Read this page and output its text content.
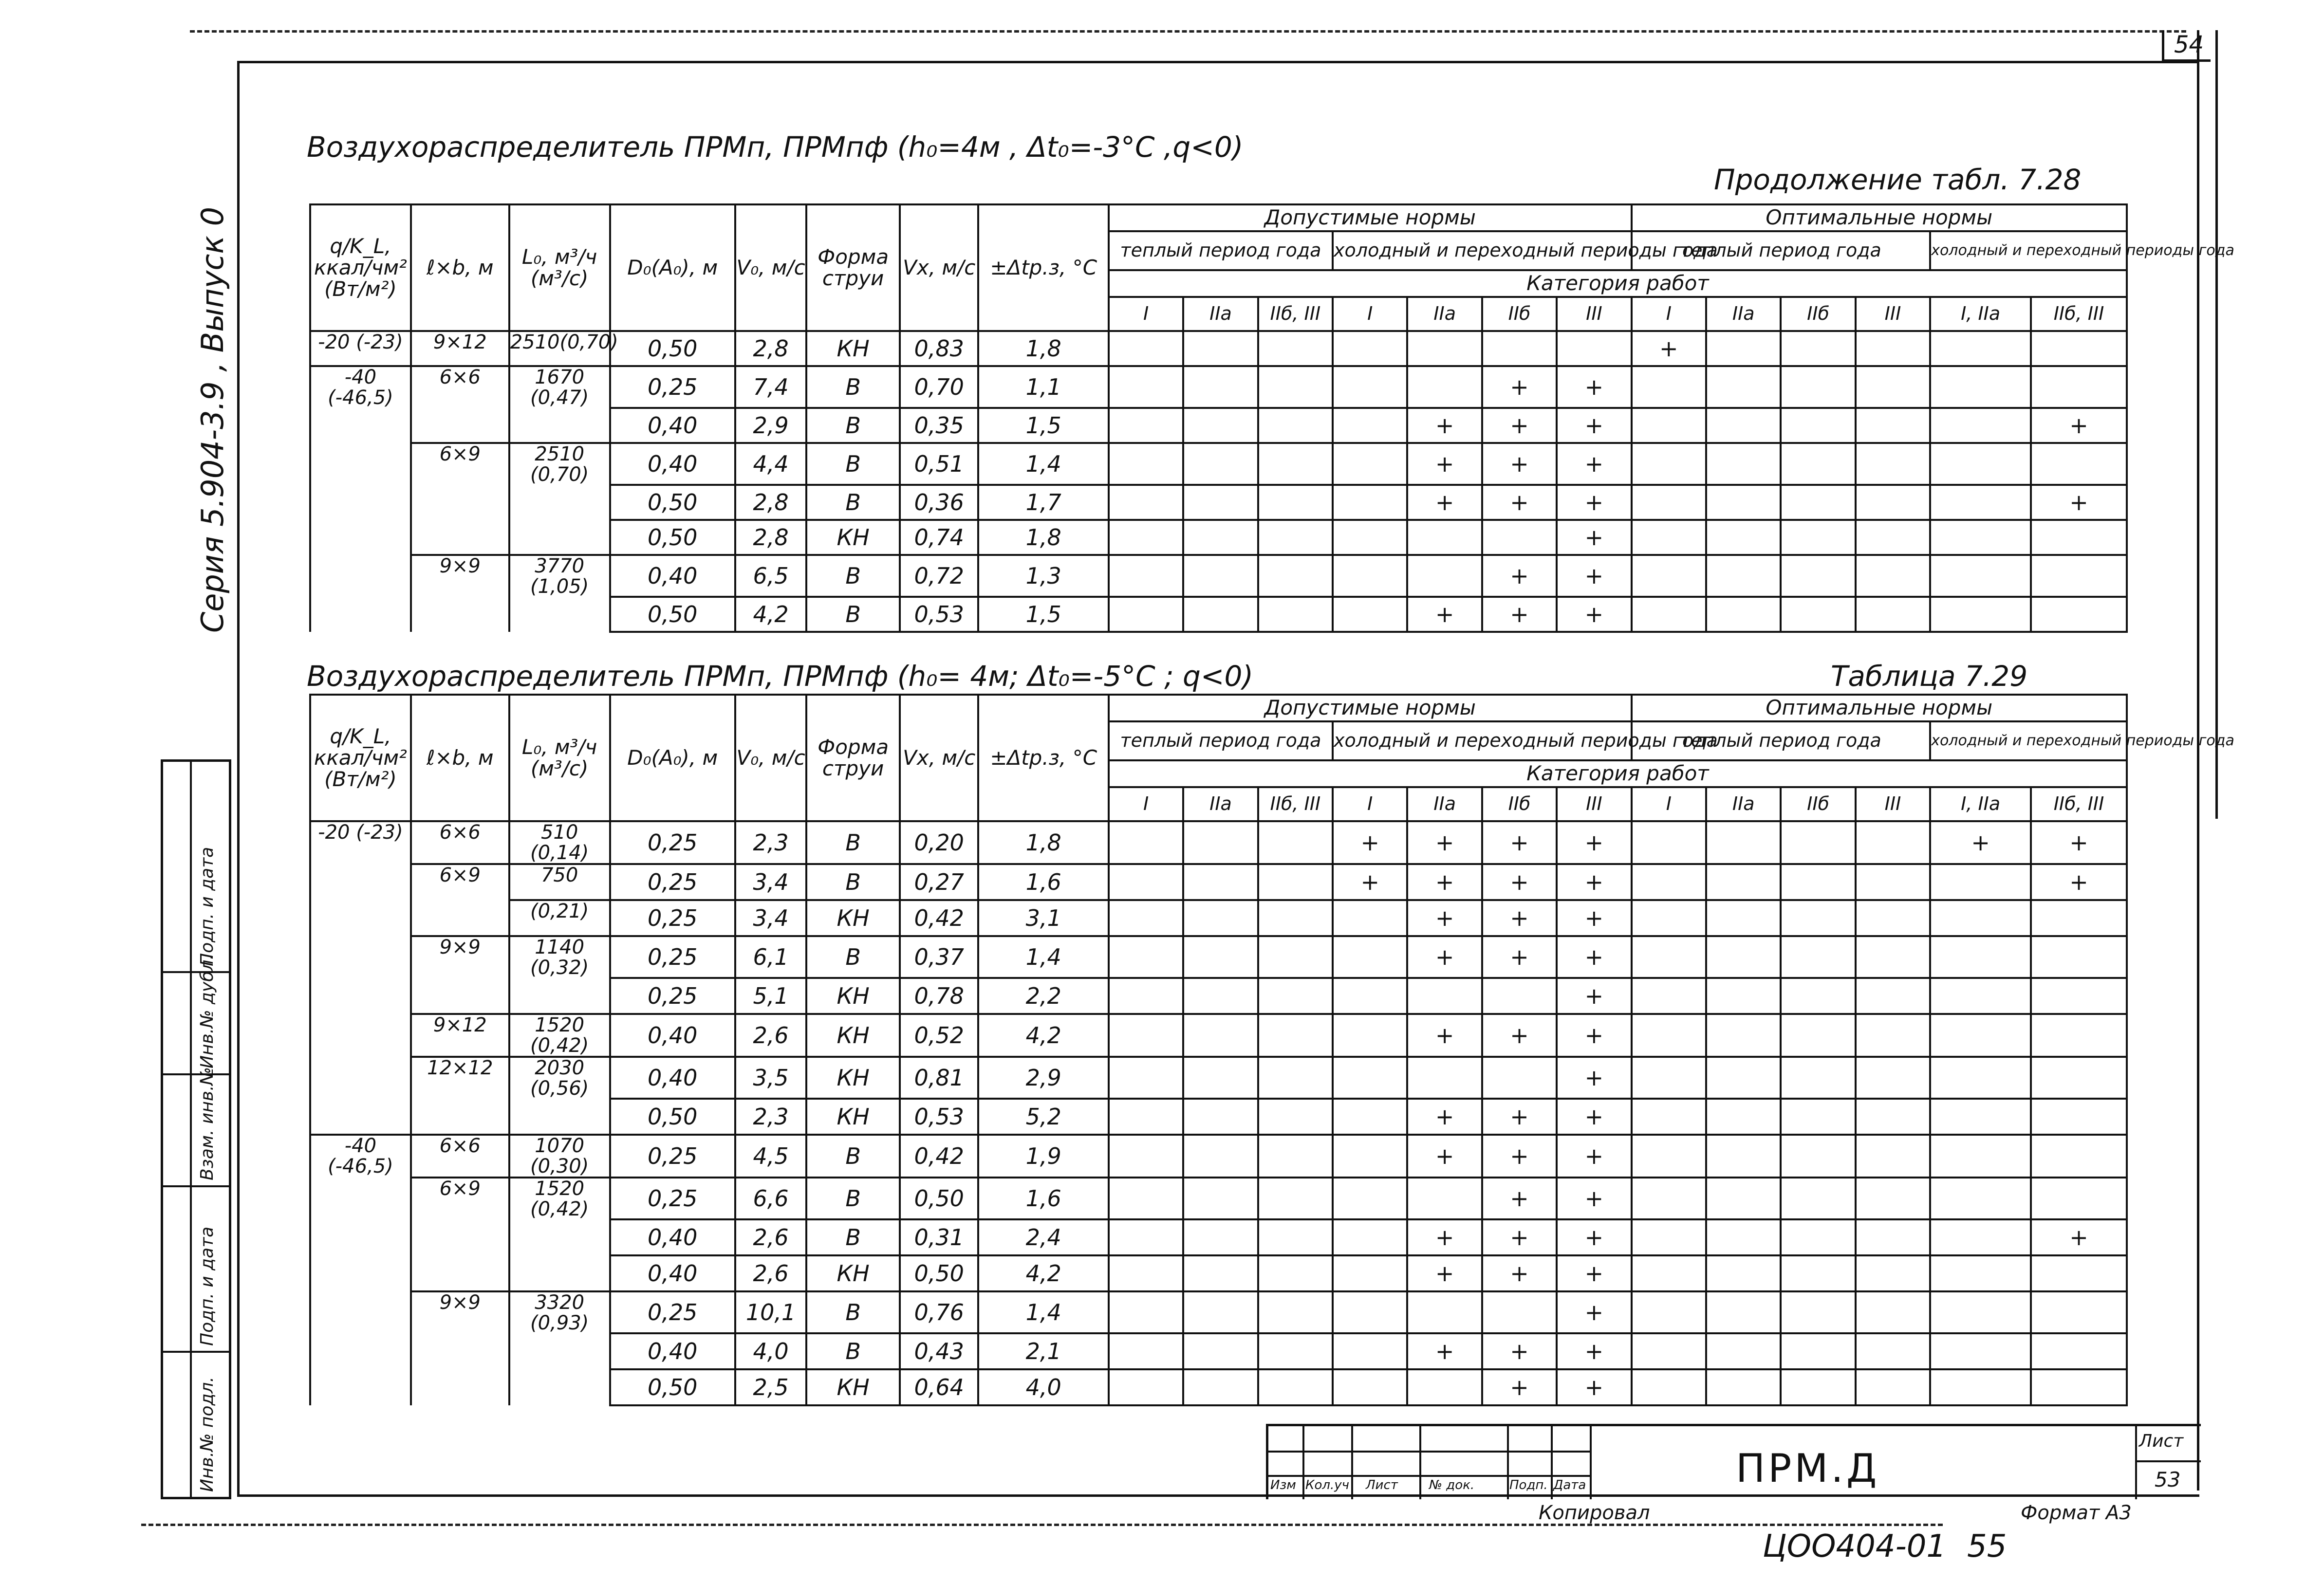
54
Серия 5.904-3.9 , Выпуск 0
Инв.№ подл.
Подп. и дата
Взам. инв.№
Инв.№ дубл.
Подп. и дата
Воздухораспределитель ПРМп, ПРМпф (h₀=4м , Δt₀=-3°С ,q<0)
Продолжение табл. 7.28
q/K_L, ккал/чм² (Вт/м²)	ℓ×b, м	L₀, м³/ч (м³/с)	D₀(A₀), м	V₀, м/с	Форма струи	Vx, м/с	±Δtp.з, °С	Допустимые нормы							Оптимальные нормы					
								теплый период года			холодный и переходный периоды года				теплый период года				холодный и переходный периоды года	
								Категория работ												
								I	IIа	IIб, III	I	IIа	IIб	III	I	IIа	IIб	III	I, IIа	IIб, III
-20 (-23)	9×12	2510(0,70)	0,50	2,8	КН	0,83	1,8								+					
-40 (-46,5)	6×6	1670 (0,47)	0,25	7,4	В	0,70	1,1						+	+						
			0,40	2,9	В	0,35	1,5					+	+	+						+
	6×9	2510 (0,70)	0,40	4,4	В	0,51	1,4					+	+	+						
			0,50	2,8	В	0,36	1,7					+	+	+						+
			0,50	2,8	КН	0,74	1,8							+						
	9×9	3770 (1,05)	0,40	6,5	В	0,72	1,3						+	+						
			0,50	4,2	В	0,53	1,5					+	+	+						
Воздухораспределитель ПРМп, ПРМпф (h₀= 4м; Δt₀=-5°С ; q<0)	Таблица 7.29
q/K_L, ккал/чм² (Вт/м²)	ℓ×b, м	L₀, м³/ч (м³/с)	D₀(A₀), м	V₀, м/с	Форма струи	Vx, м/с	±Δtp.з, °С	Допустимые нормы							Оптимальные нормы					
								теплый период года			холодный и переходный периоды года				теплый период года				холодный и переходный периоды года	
								Категория работ												
								I	IIа	IIб, III	I	IIа	IIб	III	I	IIа	IIб	III	I, IIа	IIб, III
-20 (-23)	6×6	510 (0,14)	0,25	2,3	В	0,20	1,8				+	+	+	+					+	+
	6×9	750	0,25	3,4	В	0,27	1,6				+	+	+	+						+
		(0,21)	0,25	3,4	КН	0,42	3,1					+	+	+						
	9×9	1140 (0,32)	0,25	6,1	В	0,37	1,4					+	+	+						
			0,25	5,1	КН	0,78	2,2							+						
	9×12	1520 (0,42)	0,40	2,6	КН	0,52	4,2					+	+	+						
	12×12	2030 (0,56)	0,40	3,5	КН	0,81	2,9							+						
			0,50	2,3	КН	0,53	5,2					+	+	+						
-40 (-46,5)	6×6	1070 (0,30)	0,25	4,5	В	0,42	1,9					+	+	+						
	6×9	1520 (0,42)	0,25	6,6	В	0,50	1,6						+	+						
			0,40	2,6	В	0,31	2,4					+	+	+						+
			0,40	2,6	КН	0,50	4,2					+	+	+						
	9×9	3320 (0,93)	0,25	10,1	В	0,76	1,4							+						
			0,40	4,0	В	0,43	2,1					+	+	+						
			0,50	2,5	КН	0,64	4,0						+	+						
Изм Кол.уч Лист № док.	Подп. Дата	ПРМ.Д
Лист
53
Копировал	Формат А3
ЦОО404-01 55
